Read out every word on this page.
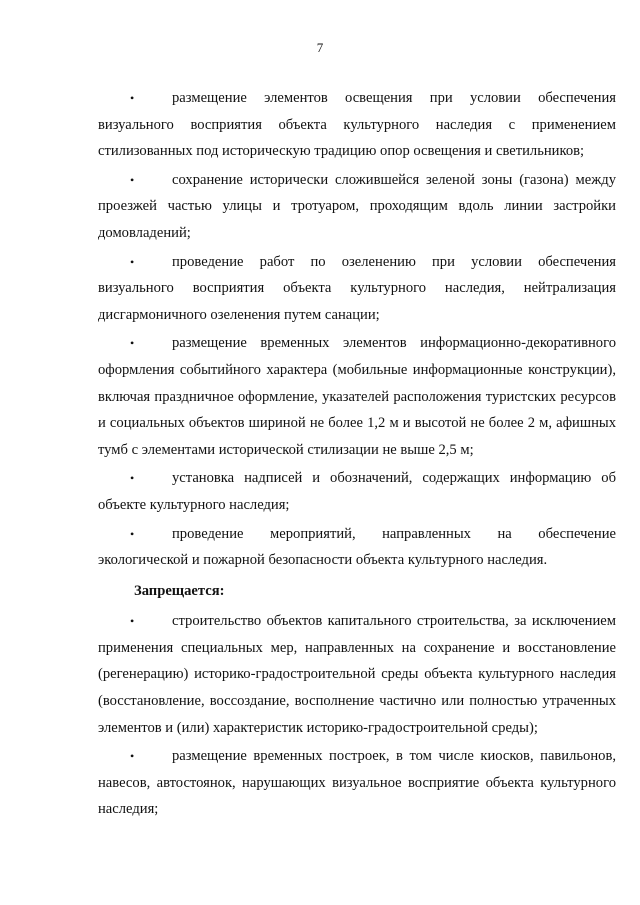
7
•	размещение элементов освещения при условии обеспечения визуального восприятия объекта культурного наследия с применением стилизованных под историческую традицию опор освещения и светильников;
•	сохранение исторически сложившейся зеленой зоны (газона) между проезжей частью улицы и тротуаром, проходящим вдоль линии застройки домовладений;
•	проведение работ по озеленению при условии обеспечения визуального восприятия объекта культурного наследия, нейтрализация дисгармоничного озеленения путем санации;
•	размещение временных элементов информационно-декоративного оформления событийного характера (мобильные информационные конструкции), включая праздничное оформление, указателей расположения туристских ресурсов и социальных объектов шириной не более 1,2 м и высотой не более 2 м, афишных тумб с элементами исторической стилизации не выше 2,5 м;
•	установка надписей и обозначений, содержащих информацию об объекте культурного наследия;
•	проведение мероприятий, направленных на обеспечение экологической и пожарной безопасности объекта культурного наследия.
Запрещается:
•	строительство объектов капитального строительства, за исключением применения специальных мер, направленных на сохранение и восстановление (регенерацию) историко-градостроительной среды объекта культурного наследия (восстановление, воссоздание, восполнение частично или полностью утраченных элементов и (или) характеристик историко-градостроительной среды);
•	размещение временных построек, в том числе киосков, павильонов, навесов, автостоянок, нарушающих визуальное восприятие объекта культурного наследия;
